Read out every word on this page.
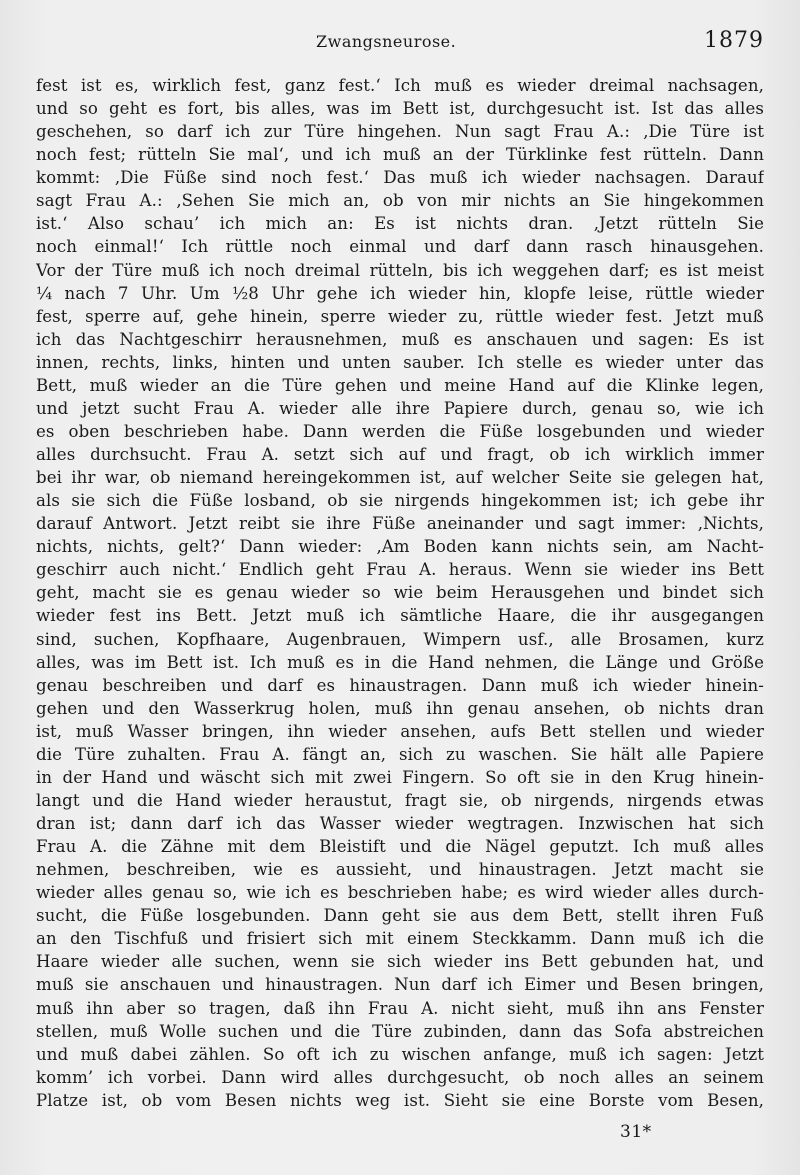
Zwangsneurose.	1879
fest ist es, wirklich fest, ganz fest.‘ Ich muß es wieder dreimal nachsagen,
und so geht es fort, bis alles, was im Bett ist, durchgesucht ist. Ist das alles
geschehen, so darf ich zur Türe hingehen. Nun sagt Frau A.: ‚Die Türe ist
noch fest; rütteln Sie mal‘, und ich muß an der Türklinke fest rütteln. Dann
kommt: ‚Die Füße sind noch fest.‘ Das muß ich wieder nachsagen. Darauf
sagt Frau A.: ‚Sehen Sie mich an, ob von mir nichts an Sie hingekommen
ist.‘ Also schau’ ich mich an: Es ist nichts dran. ‚Jetzt rütteln Sie
noch einmal!‘ Ich rüttle noch einmal und darf dann rasch hinausgehen.
Vor der Türe muß ich noch dreimal rütteln, bis ich weggehen darf; es ist meist
¼ nach 7 Uhr. Um ½8 Uhr gehe ich wieder hin, klopfe leise, rüttle wieder
fest, sperre auf, gehe hinein, sperre wieder zu, rüttle wieder fest. Jetzt muß
ich das Nachtgeschirr herausnehmen, muß es anschauen und sagen: Es ist
innen, rechts, links, hinten und unten sauber. Ich stelle es wieder unter das
Bett, muß wieder an die Türe gehen und meine Hand auf die Klinke legen,
und jetzt sucht Frau A. wieder alle ihre Papiere durch, genau so, wie ich
es oben beschrieben habe. Dann werden die Füße losgebunden und wieder
alles durchsucht. Frau A. setzt sich auf und fragt, ob ich wirklich immer
bei ihr war, ob niemand hereingekommen ist, auf welcher Seite sie gelegen hat,
als sie sich die Füße losband, ob sie nirgends hingekommen ist; ich gebe ihr
darauf Antwort. Jetzt reibt sie ihre Füße aneinander und sagt immer: ‚Nichts,
nichts, nichts, gelt?‘ Dann wieder: ‚Am Boden kann nichts sein, am Nacht-
geschirr auch nicht.‘ Endlich geht Frau A. heraus. Wenn sie wieder ins Bett
geht, macht sie es genau wieder so wie beim Herausgehen und bindet sich
wieder fest ins Bett. Jetzt muß ich sämtliche Haare, die ihr ausgegangen
sind, suchen, Kopfhaare, Augenbrauen, Wimpern usf., alle Brosamen, kurz
alles, was im Bett ist. Ich muß es in die Hand nehmen, die Länge und Größe
genau beschreiben und darf es hinaustragen. Dann muß ich wieder hinein-
gehen und den Wasserkrug holen, muß ihn genau ansehen, ob nichts dran
ist, muß Wasser bringen, ihn wieder ansehen, aufs Bett stellen und wieder
die Türe zuhalten. Frau A. fängt an, sich zu waschen. Sie hält alle Papiere
in der Hand und wäscht sich mit zwei Fingern. So oft sie in den Krug hinein-
langt und die Hand wieder heraustut, fragt sie, ob nirgends, nirgends etwas
dran ist; dann darf ich das Wasser wieder wegtragen. Inzwischen hat sich
Frau A. die Zähne mit dem Bleistift und die Nägel geputzt. Ich muß alles
nehmen, beschreiben, wie es aussieht, und hinaustragen. Jetzt macht sie
wieder alles genau so, wie ich es beschrieben habe; es wird wieder alles durch-
sucht, die Füße losgebunden. Dann geht sie aus dem Bett, stellt ihren Fuß
an den Tischfuß und frisiert sich mit einem Steckkamm. Dann muß ich die
Haare wieder alle suchen, wenn sie sich wieder ins Bett gebunden hat, und
muß sie anschauen und hinaustragen. Nun darf ich Eimer und Besen bringen,
muß ihn aber so tragen, daß ihn Frau A. nicht sieht, muß ihn ans Fenster
stellen, muß Wolle suchen und die Türe zubinden, dann das Sofa abstreichen
und muß dabei zählen. So oft ich zu wischen anfange, muß ich sagen: Jetzt
komm’ ich vorbei. Dann wird alles durchgesucht, ob noch alles an seinem
Platze ist, ob vom Besen nichts weg ist. Sieht sie eine Borste vom Besen,
31*
